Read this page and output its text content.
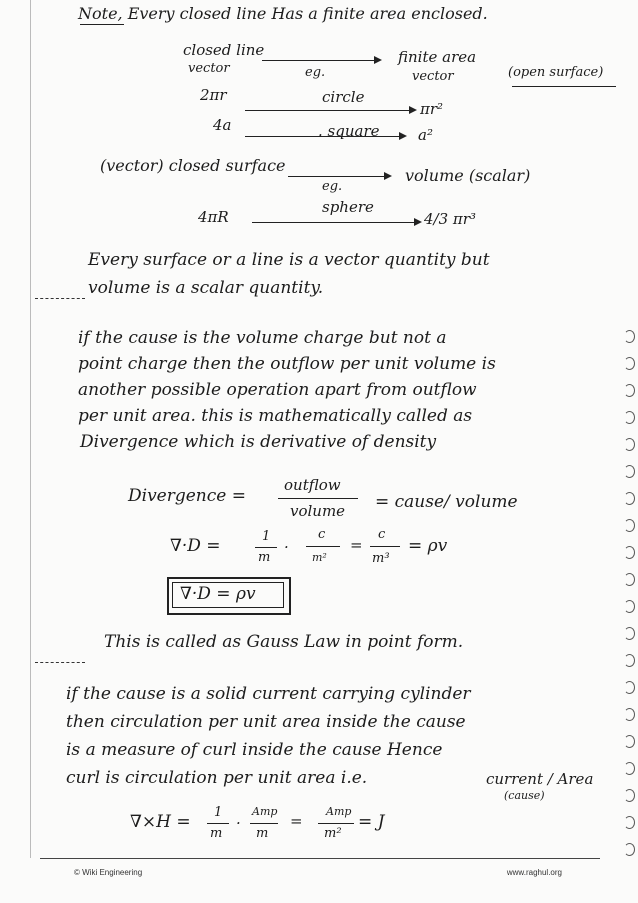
Note, Every closed line Has a finite area enclosed.
closed line
vector	eg.
finite area
vector	(open surface)
2πr	circle
πr²
4a	. square	a²
(vector) closed surface
eg.
volume (scalar)
4πR
sphere
4/3 πr³
Every surface or a line is a vector quantity but
volume is a scalar quantity.
if the cause is the volume charge but not a
point charge then the outflow per unit volume is
another possible operation apart from outflow
per unit area. this is mathematically called as
Divergence which is derivative of density
Divergence =
outflow
volume = cause/ volume
∇·D =	1
m
·
c
m²
=
c
m³
= ρv
∇·D = ρv
This is called as Gauss Law in point form.
if the cause is a solid current carrying cylinder
then circulation per unit area inside the cause
is a measure of curl inside the cause Hence
curl is circulation per unit area i.e.	current / Area
(cause)
∇×H = 1
m
·
Amp
m
=
Amp
m²
= J
© Wiki Engineering	www.raghul.org
